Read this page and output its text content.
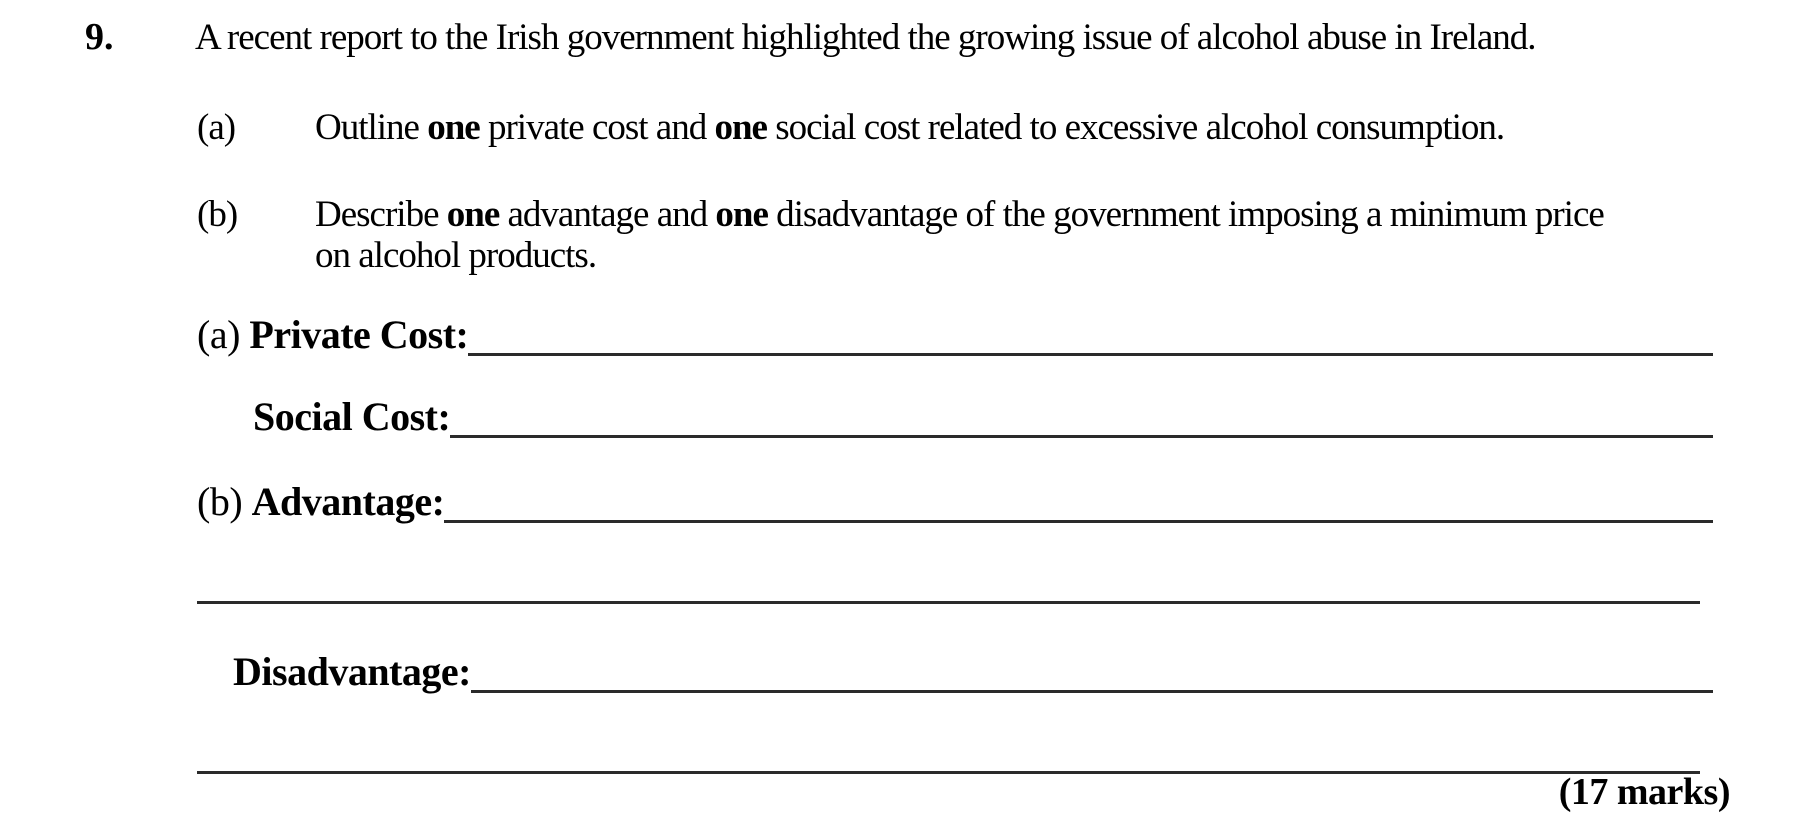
9. A recent report to the Irish government highlighted the growing issue of alcohol abuse in Ireland.
(a)	Outline one private cost and one social cost related to excessive alcohol consumption.
(b)	Describe one advantage and one disadvantage of the government imposing a minimum price
on alcohol products.
(a) Private Cost:
Social Cost:
(b) Advantage:
Disadvantage:
(17 marks)
